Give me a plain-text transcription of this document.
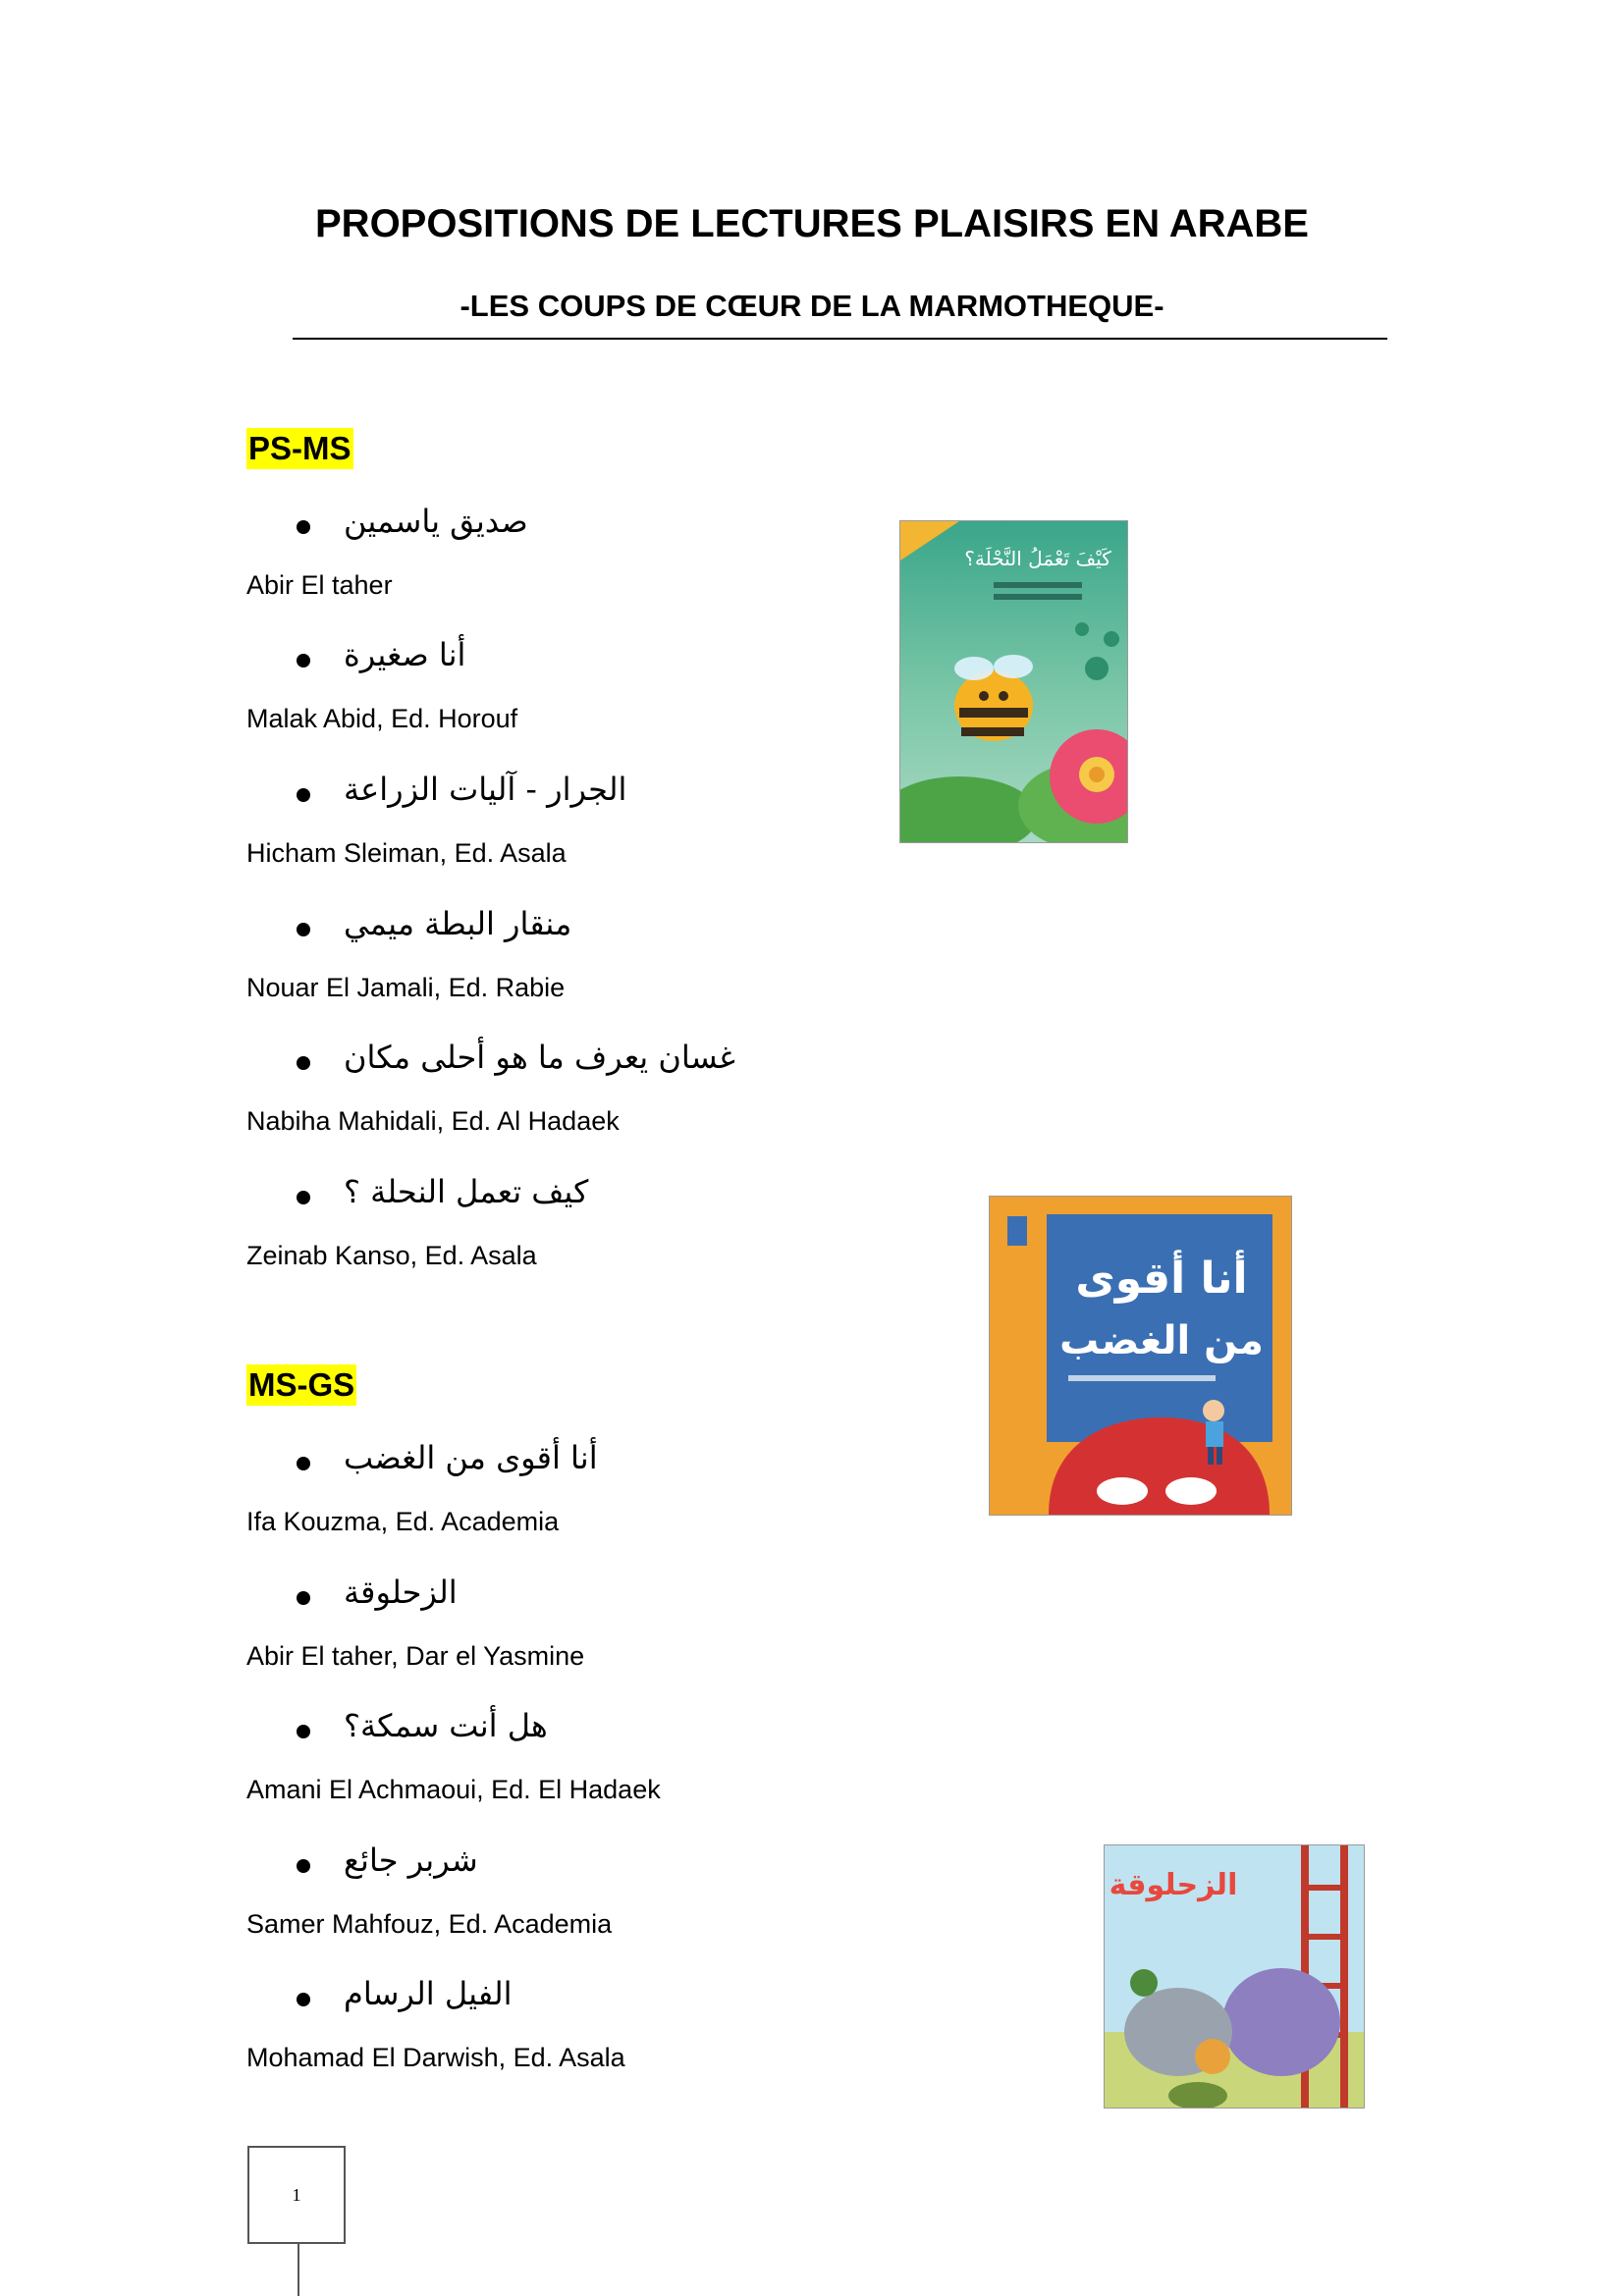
PROPOSITIONS DE LECTURES PLAISIRS EN ARABE
-LES COUPS DE CŒUR DE LA MARMOTHEQUE-
PS-MS
صديق ياسمين
Abir El taher
أنا صغيرة
Malak Abid, Ed. Horouf
الجرار - آليات الزراعة
Hicham Sleiman, Ed. Asala
منقار البطة ميمي
Nouar El Jamali, Ed. Rabie
غسان يعرف ما هو أحلى مكان
Nabiha Mahidali, Ed. Al Hadaek
كيف تعمل النحلة ؟
Zeinab Kanso, Ed. Asala
MS-GS
أنا أقوى من الغضب
Ifa Kouzma, Ed. Academia
الزحلوقة
Abir El taher, Dar el Yasmine
هل أنت سمكة؟
Amani El Achmaoui, Ed. El Hadaek
شربر جائع
Samer Mahfouz, Ed. Academia
الفيل الرسام
Mohamad El Darwish, Ed. Asala
كَيْفَ تَعْمَلُ النَّحْلَة؟
أنا أقوى
من الغضب
الزحلوقة
1
